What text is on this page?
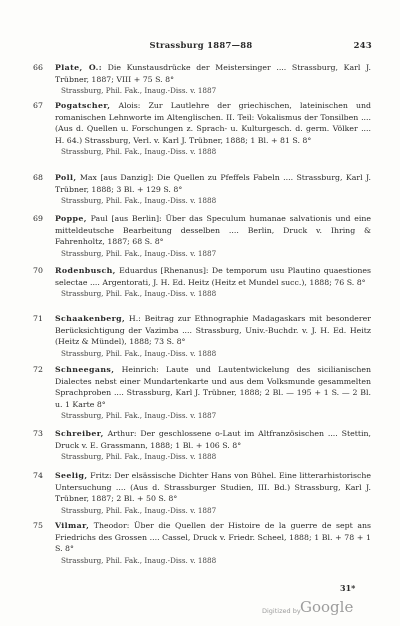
Strassburg 1887—88	243
66 Plate, O.: Die Kunstausdrücke der Meistersinger .... Strassburg, Karl J. Trübner, 1887; VIII + 75 S. 8°
Strassburg, Phil. Fak., Inaug.-Diss. v. 1887
67 Pogatscher, Alois: Zur Lautlehre der griechischen, lateinischen und romanischen Lehnworte im Altenglischen. II. Teil: Vokalismus der Tonsilben .... (Aus d. Quellen u. Forschungen z. Sprach- u. Kulturgesch. d. germ. Völker .... H. 64.) Strassburg, Verl. v. Karl J. Trübner, 1888; 1 Bl. + 81 S. 8°
Strassburg, Phil. Fak., Inaug.-Diss. v. 1888
68 Poll, Max [aus Danzig]: Die Quellen zu Pfeffels Fabeln .... Strassburg, Karl J. Trübner, 1888; 3 Bl. + 129 S. 8°
Strassburg, Phil. Fak., Inaug.-Diss. v. 1888
69 Poppe, Paul [aus Berlin]: Über das Speculum humanae salvationis und eine mitteldeutsche Bearbeitung desselben .... Berlin, Druck v. Ihring & Fahrenholtz, 1887; 68 S. 8°
Strassburg, Phil. Fak., Inaug.-Diss. v. 1887
70 Rodenbusch, Eduardus [Rhenanus]: De temporum usu Plautino quaestiones selectae .... Argentorati, J. H. Ed. Heitz (Heitz et Mundel succ.), 1888; 76 S. 8°
Strassburg, Phil. Fak., Inaug.-Diss. v. 1888
71 Schaakenberg, H.: Beitrag zur Ethnographie Madagaskars mit besonderer Berücksichtigung der Vazimba .... Strassburg, Univ.-Buchdr. v. J. H. Ed. Heitz (Heitz & Mündel), 1888; 73 S. 8°
Strassburg, Phil. Fak., Inaug.-Diss. v. 1888
72 Schneegans, Heinrich: Laute und Lautentwickelung des sicilianischen Dialectes nebst einer Mundartenkarte und aus dem Volksmunde gesammelten Sprachproben .... Strassburg, Karl J. Trübner, 1888; 2 Bl. — 195 + 1 S. — 2 Bl. u. 1 Karte 8°
Strassburg, Phil. Fak., Inaug.-Diss. v. 1887
73 Schreiber, Arthur: Der geschlossene o-Laut im Altfranzösischen .... Stettin, Druck v. E. Grassmann, 1888; 1 Bl. + 106 S. 8°
Strassburg, Phil. Fak., Inaug.-Diss. v. 1888
74 Seelig, Fritz: Der elsässische Dichter Hans von Bühel. Eine litterarhistorische Untersuchung .... (Aus d. Strassburger Studien, III. Bd.) Strassburg, Karl J. Trübner, 1887; 2 Bl. + 50 S. 8°
Strassburg, Phil. Fak., Inaug.-Diss. v. 1887
75 Vilmar, Theodor: Über die Quellen der Histoire de la guerre de sept ans Friedrichs des Grossen .... Cassel, Druck v. Friedr. Scheel, 1888; 1 Bl. + 78 + 1 S. 8°
Strassburg, Phil. Fak., Inaug.-Diss. v. 1888
31*
Digitized by Google
